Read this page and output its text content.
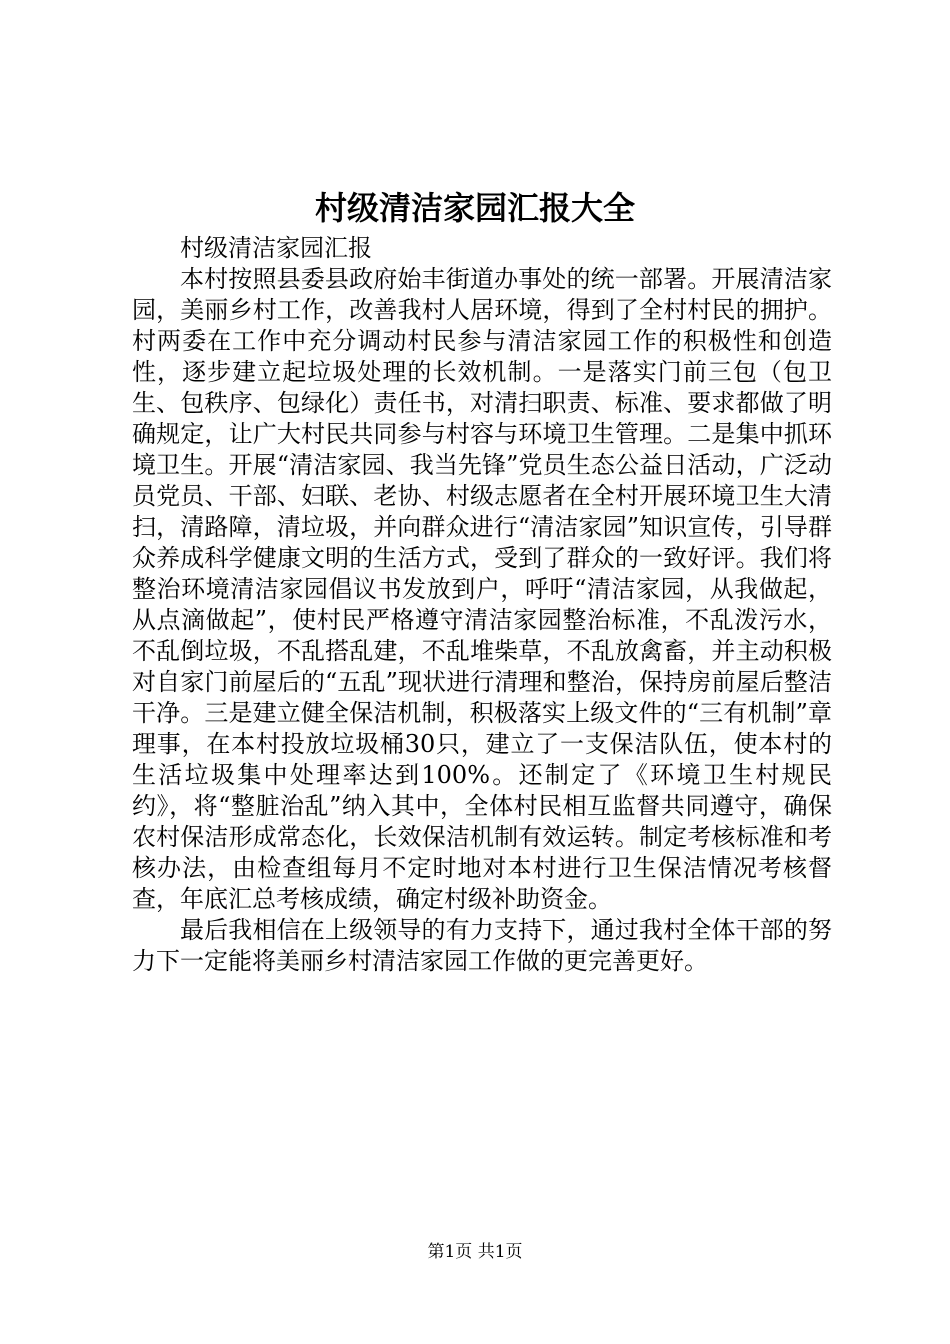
村级清洁家园汇报大全

村级清洁家园汇报

本村按照县委县政府始丰街道办事处的统一部署。开展清洁家园，美丽乡村工作，改善我村人居环境，得到了全村村民的拥护。村两委在工作中充分调动村民参与清洁家园工作的积极性和创造性，逐步建立起垃圾处理的长效机制。一是落实门前三包（包卫生、包秩序、包绿化）责任书，对清扫职责、标准、要求都做了明确规定，让广大村民共同参与村容与环境卫生管理。二是集中抓环境卫生。开展“清洁家园、我当先锋”党员生态公益日活动，广泛动员党员、干部、妇联、老协、村级志愿者在全村开展环境卫生大清扫，清路障，清垃圾，并向群众进行“清洁家园”知识宣传，引导群众养成科学健康文明的生活方式，受到了群众的一致好评。我们将整治环境清洁家园倡议书发放到户，呼吁“清洁家园，从我做起，从点滴做起”，使村民严格遵守清洁家园整治标准，不乱泼污水，不乱倒垃圾，不乱搭乱建，不乱堆柴草，不乱放禽畜，并主动积极对自家门前屋后的“五乱”现状进行清理和整治，保持房前屋后整洁干净。三是建立健全保洁机制，积极落实上级文件的“三有机制”章理事，在本村投放垃圾桶30只，建立了一支保洁队伍，使本村的生活垃圾集中处理率达到100%。还制定了《环境卫生村规民约》，将“整脏治乱”纳入其中，全体村民相互监督共同遵守，确保农村保洁形成常态化，长效保洁机制有效运转。制定考核标准和考核办法，由检查组每月不定时地对本村进行卫生保洁情况考核督查，年底汇总考核成绩，确定村级补助资金。

最后我相信在上级领导的有力支持下，通过我村全体干部的努力下一定能将美丽乡村清洁家园工作做的更完善更好。

第1页 共1页
